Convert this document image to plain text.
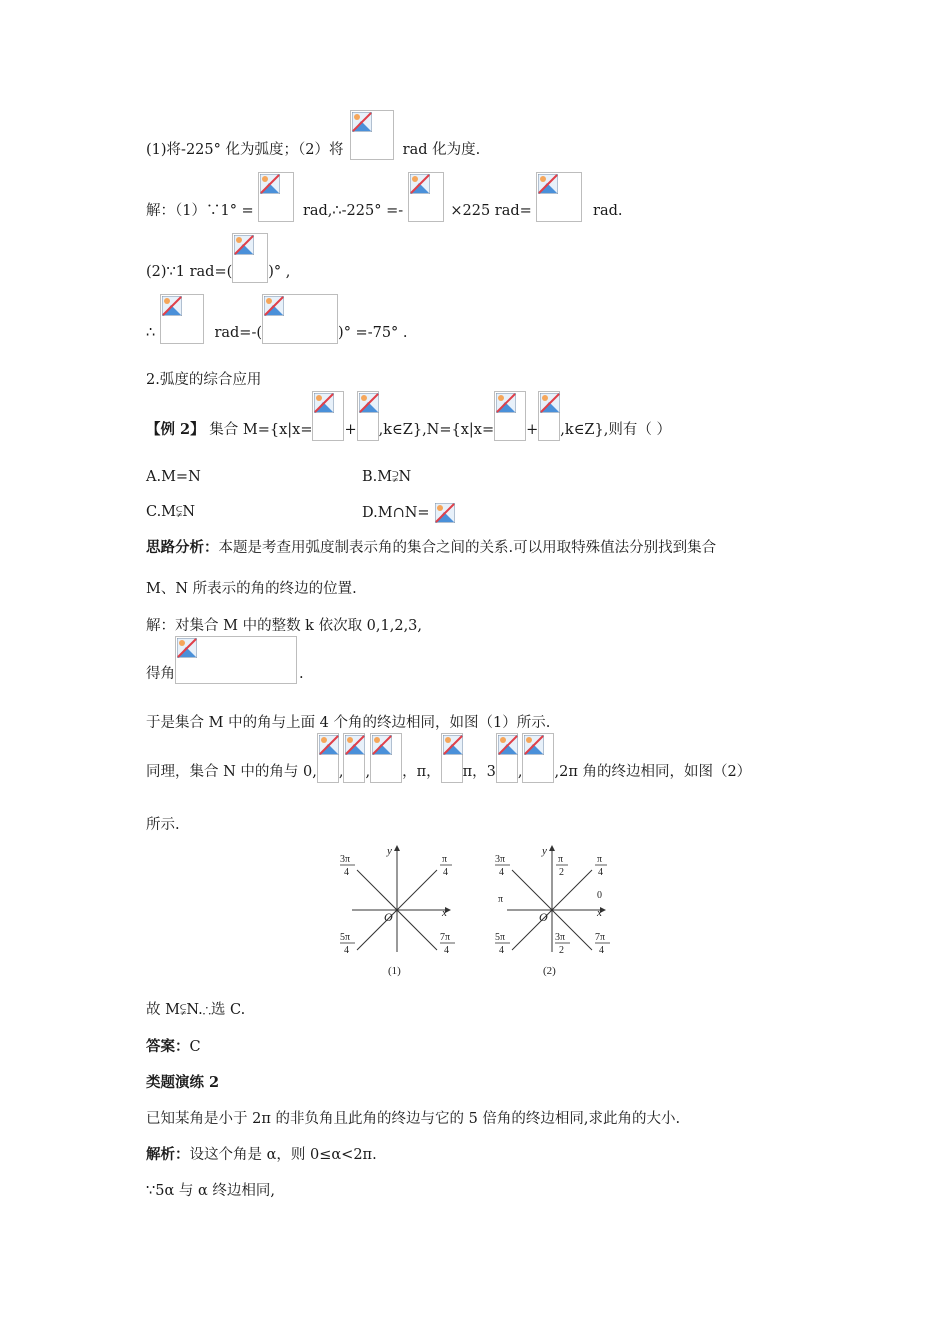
(1)将-225° 化为弧度；（2）将	rad 化为度.
解：（1）∵1° =	rad,∴-225° =-	×225 rad=	rad.
(2)∵1 rad=( )° ,
∴	rad=-(	)° =-75° .
2.弧度的综合应用
【例 2】 集合 M={x|x= + ,k∈Z},N={x|x= + ,k∈Z},则有（ ）
A.M=N	B.M⫌N
C.M⫋N	D.M∩N=
思路分析：本题是考查用弧度制表示角的集合之间的关系.可以用取特殊值法分别找到集合
M、N 所表示的角的终边的位置.
解：对集合 M 中的整数 k 依次取 0,1,2,3,
得角	.
于是集合 M 中的角与上面 4 个角的终边相同，如图（1）所示.
同理，集合 N 中的角与 0, , , ，π， π，3 , ,2π 角的终边相同，如图（2）
所示.
y
x
O
3π
4
π
4
5π
4
7π
4
(1)
y
x
O
3π
4
π
2
π
4
π	0
5π
4
3π
2
7π
4
(2)
故 M⫋N.∴选 C.
答案：C
类题演练 2
已知某角是小于 2π 的非负角且此角的终边与它的 5 倍角的终边相同,求此角的大小.
解析：设这个角是 α，则 0≤α<2π.
∵5α 与 α 终边相同,
